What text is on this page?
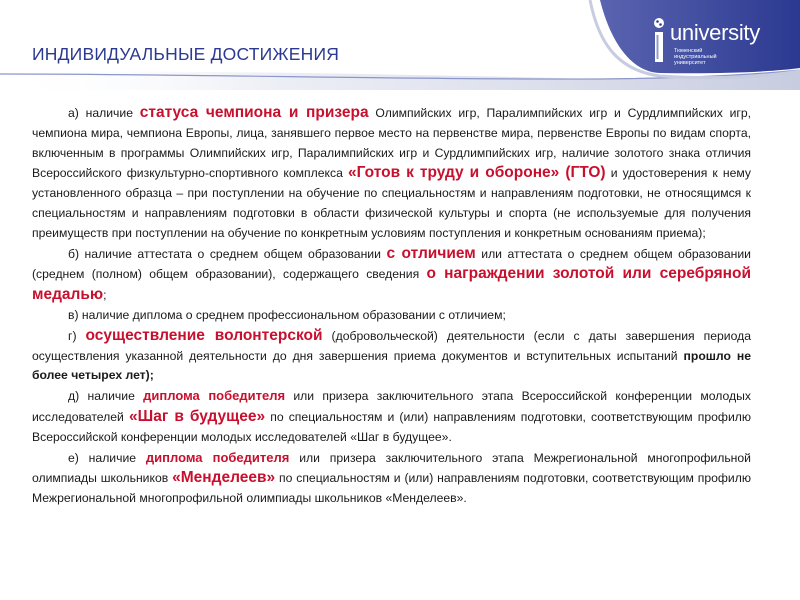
ИНДИВИДУАЛЬНЫЕ ДОСТИЖЕНИЯ
university
Тюменский
индустриальный
университет

а) наличие статуса чемпиона и призера Олимпийских игр, Паралимпийских игр и Сурдлимпийских игр, чемпиона мира, чемпиона Европы, лица, занявшего первое место на первенстве мира, первенстве Европы по видам спорта, включенным в программы Олимпийских игр, Паралимпийских игр и Сурдлимпийских игр, наличие золотого знака отличия Всероссийского физкультурно-спортивного комплекса «Готов к труду и обороне» (ГТО) и удостоверения к нему установленного образца – при поступлении на обучение по специальностям и направлениям подготовки, не относящимся к специальностям и направлениям подготовки в области физической культуры и спорта (не используемые для получения преимуществ при поступлении на обучение по конкретным условиям поступления и конкретным основаниям приема);

б) наличие аттестата о среднем общем образовании с отличием или аттестата о среднем общем образовании (среднем (полном) общем образовании), содержащего сведения о награждении золотой или серебряной медалью;

в) наличие диплома о среднем профессиональном образовании с отличием;

г) осуществление волонтерской (добровольческой) деятельности (если с даты завершения периода осуществления указанной деятельности до дня завершения приема документов и вступительных испытаний прошло не более четырех лет);

д) наличие диплома победителя или призера заключительного этапа Всероссийской конференции молодых исследователей «Шаг в будущее» по специальностям и (или) направлениям подготовки, соответствующим профилю Всероссийской конференции молодых исследователей «Шаг в будущее».

е) наличие диплома победителя или призера заключительного этапа Межрегиональной многопрофильной олимпиады школьников «Менделеев» по специальностям и (или) направлениям подготовки, соответствующим профилю Межрегиональной многопрофильной олимпиады школьников «Менделеев».
